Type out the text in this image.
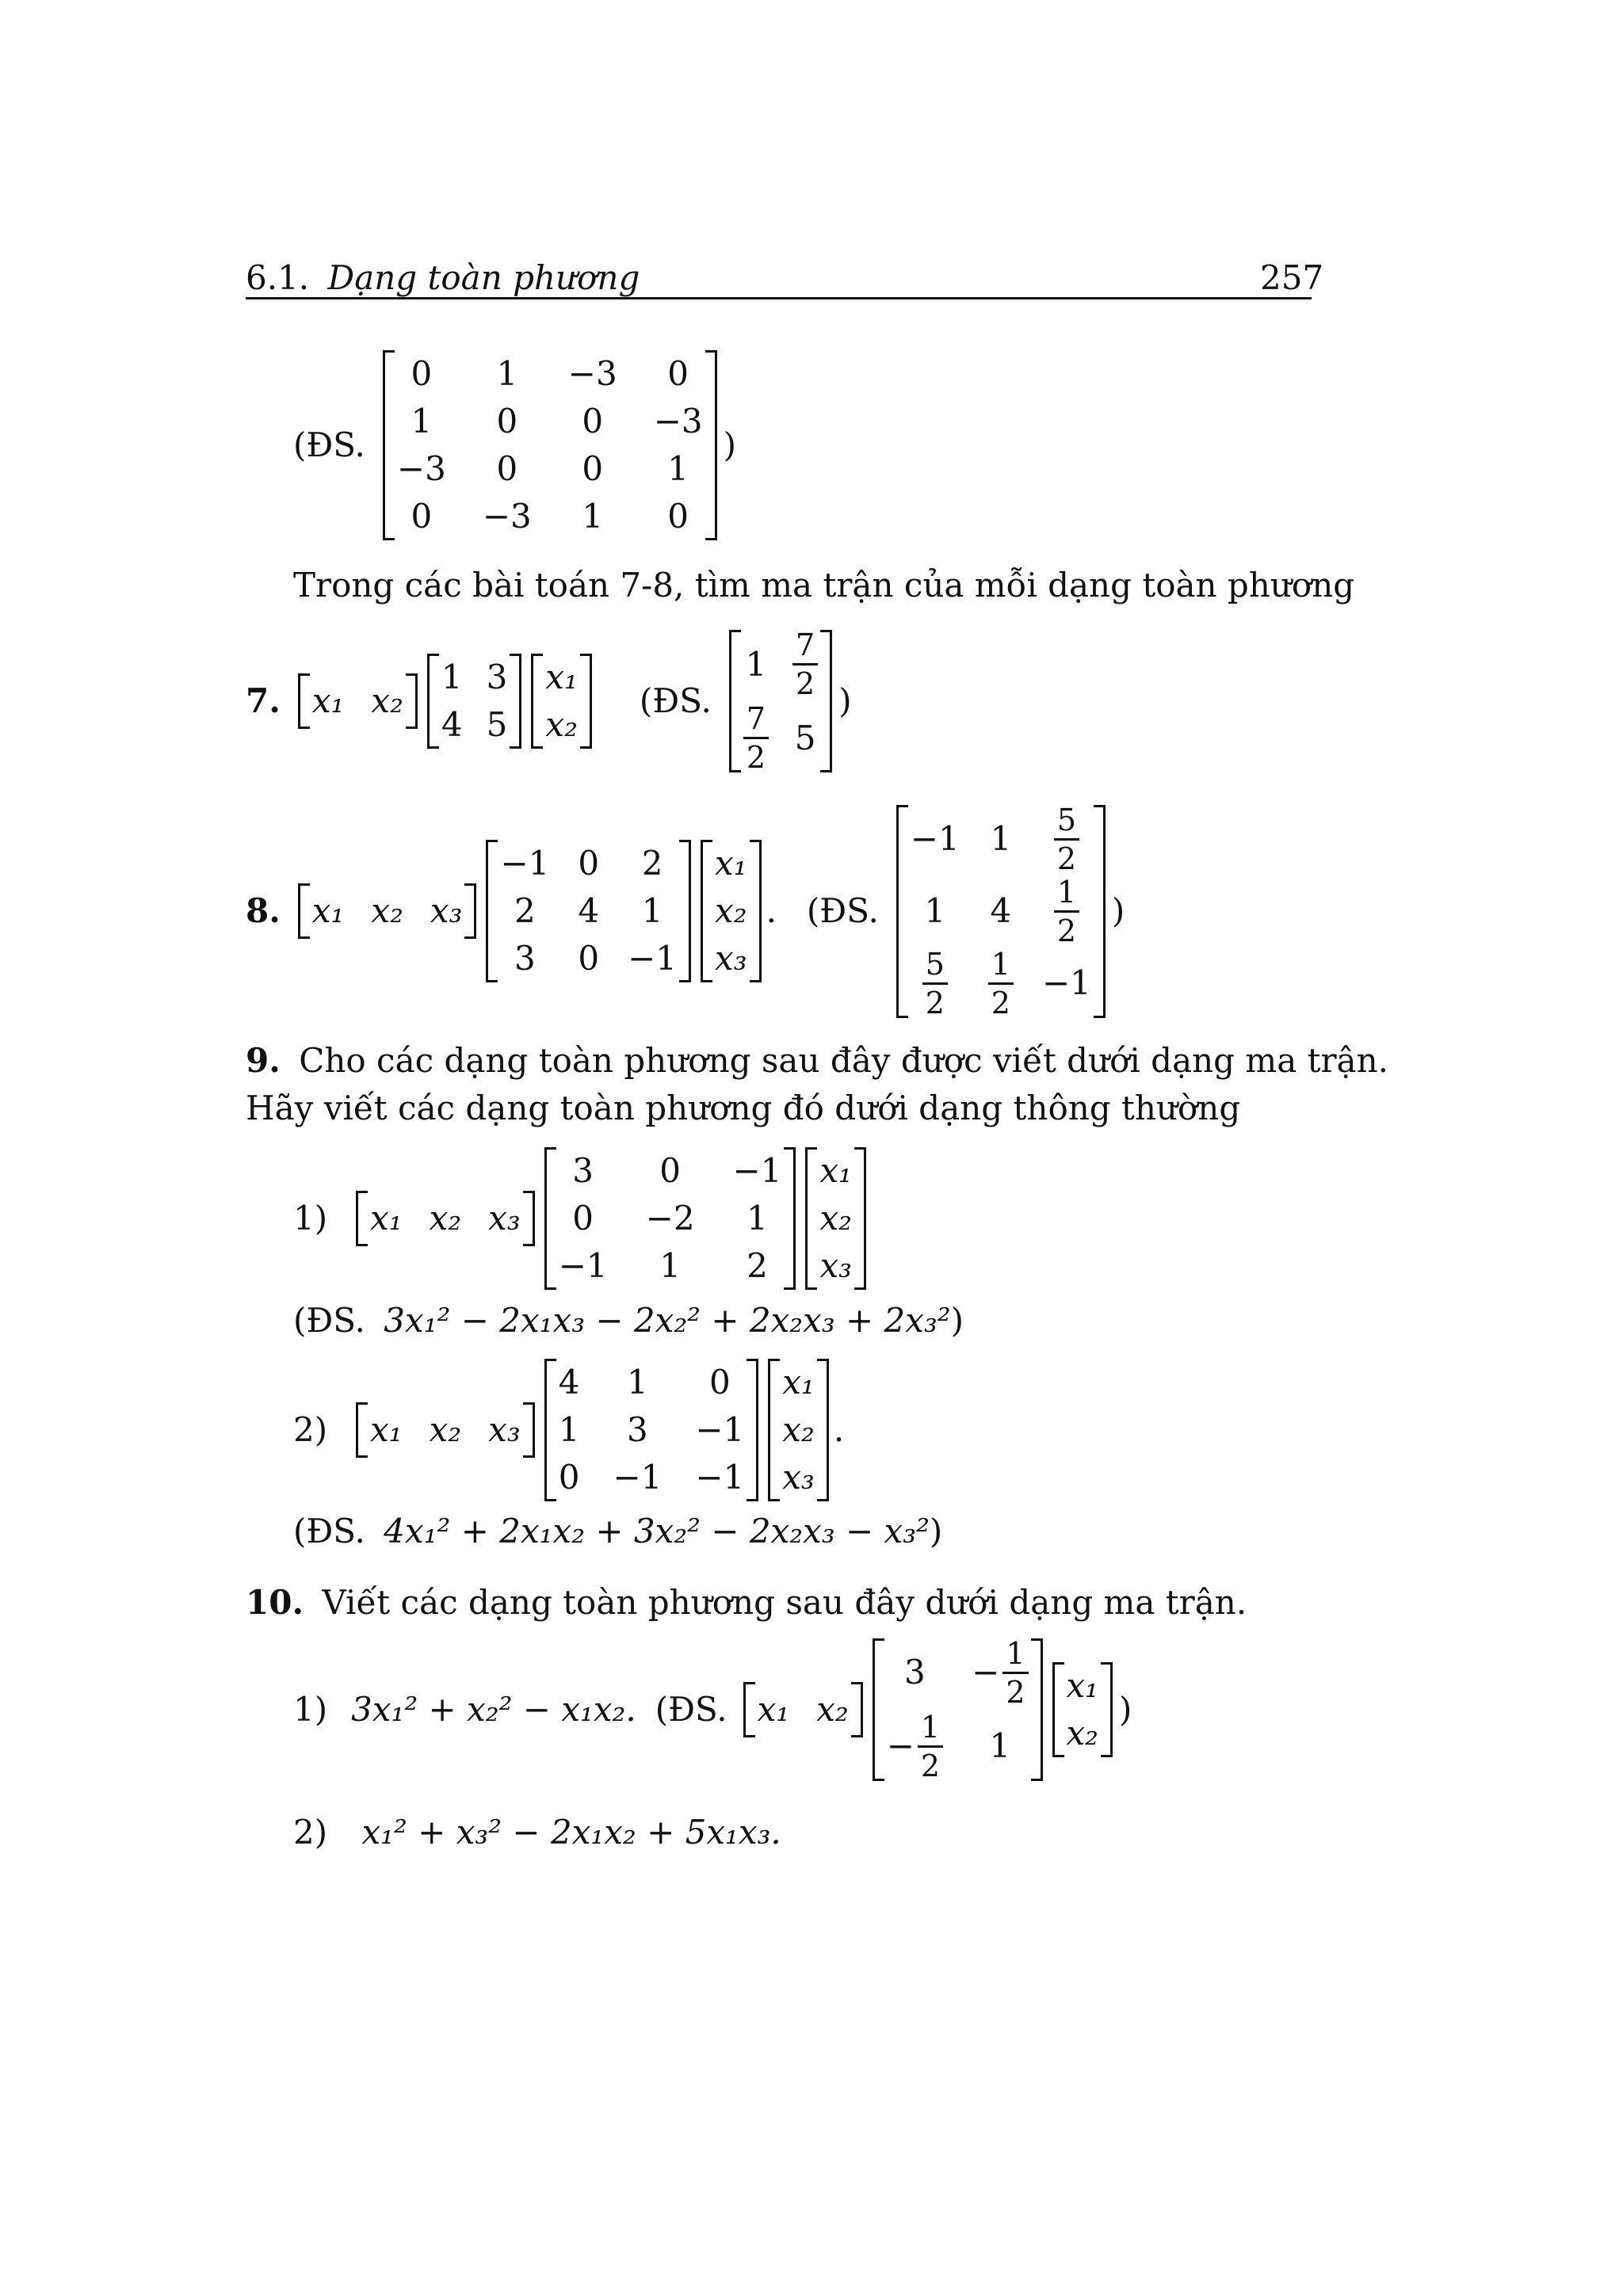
6.1. Dạng toàn phương	257
(ĐS.
0 1 −3 0
1 0 0 −3
−3 0 0 1
0 −3 1 0
)
Trong các bài toán 7-8, tìm ma trận của mỗi dạng toàn phương
7. x₁ x₂
1 3
4 5
x₁
x₂
(ĐS.
$1 \frac{7}{2}$
$\frac{7}{2} 5$
)
8. x₁ x₂ x₃
−1 0 2
2 4 1
3 0 −1
x₁
x₂
x₃
. (ĐS.
−1 $1 \frac{5}{2}$
1 $4 \frac{1}{2}$
$\frac{5}{2} \frac{1}{2} -1$
)
9. Cho các dạng toàn phương sau đây được viết dưới dạng ma trận.
Hãy viết các dạng toàn phương đó dưới dạng thông thường
1) x₁ x₂ x₃
3 0 −1
0 −2 1
−1 1 2
x₁
x₂
x₃
(ĐS. 3x₁² − 2x₁x₃ − 2x₂² + 2x₂x₃ + 2x₃²)
2) x₁ x₂ x₃
4 1 0
1 3 −1
0 −1 −1
x₁
x₂
x₃
.
(ĐS. 4x₁² + 2x₁x₂ + 3x₂² − 2x₂x₃ − x₃²)
10. Viết các dạng toàn phương sau đây dưới dạng ma trận.
1) 3x₁² + x₂² − x₁x₂. (ĐS. x₁ x₂
$3 - \frac{1}{2}$
− $\frac{1}{2} 1$
x₁
x₂
)
2) x₁² + x₃² − 2x₁x₂ + 5x₁x₃.
